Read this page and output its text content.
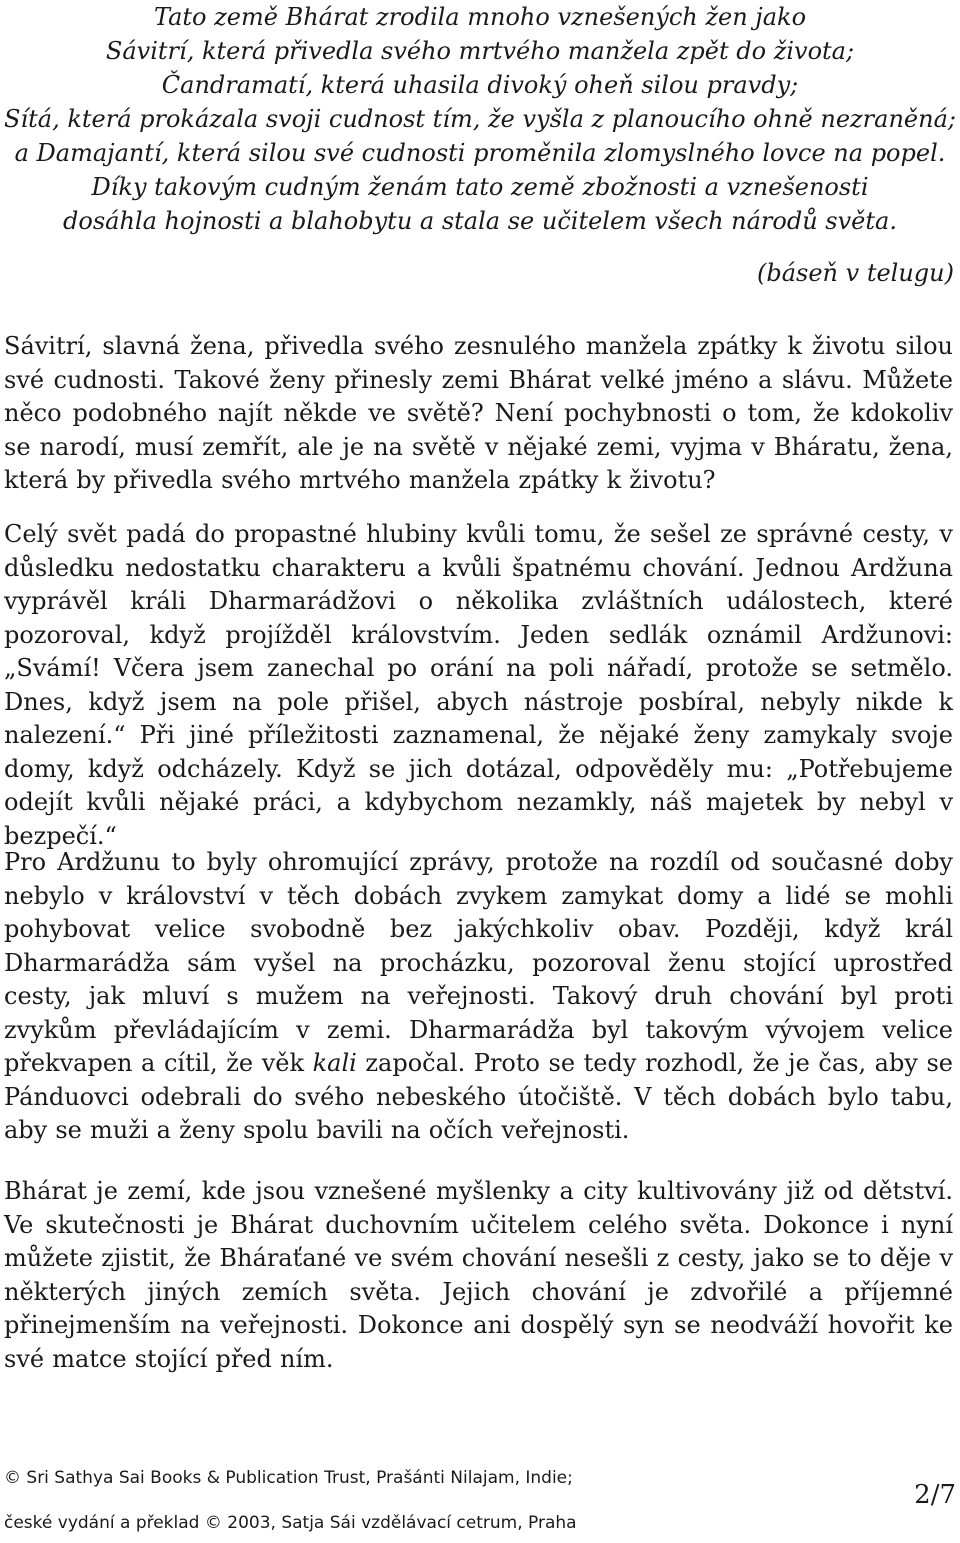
Tato země Bhárat zrodila mnoho vznešených žen jako
Sávitrí, která přivedla svého mrtvého manžela zpět do života;
Čandramatí, která uhasila divoký oheň silou pravdy;
Sítá, která prokázala svoji cudnost tím, že vyšla z planoucího ohně nezraněná;
a Damajantí, která silou své cudnosti proměnila zlomyslného lovce na popel.
Díky takovým cudným ženám tato země zbožnosti a vznešenosti
dosáhla hojnosti a blahobytu a stala se učitelem všech národů světa.
(báseň v telugu)

Sávitrí, slavná žena, přivedla svého zesnulého manžela zpátky k životu silou své cudnosti. Takové ženy přinesly zemi Bhárat velké jméno a slávu. Můžete něco podobného najít někde ve světě? Není pochybnosti o tom, že kdokoliv se narodí, musí zemřít, ale je na světě v nějaké zemi, vyjma v Bháratu, žena, která by přivedla svého mrtvého manžela zpátky k životu?

Celý svět padá do propastné hlubiny kvůli tomu, že sešel ze správné cesty, v důsledku nedostatku charakteru a kvůli špatnému chování. Jednou Ardžuna vyprávěl králi Dharmarádžovi o několika zvláštních událostech, které pozoroval, když projížděl královstvím. Jeden sedlák oznámil Ardžunovi: „Svámí! Včera jsem zanechal po orání na poli nářadí, protože se setmělo. Dnes, když jsem na pole přišel, abych nástroje posbíral, nebyly nikde k nalezení.“ Při jiné příležitosti zaznamenal, že nějaké ženy zamykaly svoje domy, když odcházely. Když se jich dotázal, odpověděly mu: „Potřebujeme odejít kvůli nějaké práci, a kdybychom nezamkly, náš majetek by nebyl v bezpečí.“

Pro Ardžunu to byly ohromující zprávy, protože na rozdíl od současné doby nebylo v království v těch dobách zvykem zamykat domy a lidé se mohli pohybovat velice svobodně bez jakýchkoliv obav. Později, když král Dharmarádža sám vyšel na procházku, pozoroval ženu stojící uprostřed cesty, jak mluví s mužem na veřejnosti. Takový druh chování byl proti zvykům převládajícím v zemi. Dharmarádža byl takovým vývojem velice překvapen a cítil, že věk kali započal. Proto se tedy rozhodl, že je čas, aby se Pánduovci odebrali do svého nebeského útočiště. V těch dobách bylo tabu, aby se muži a ženy spolu bavili na očích veřejnosti.

Bhárat je zemí, kde jsou vznešené myšlenky a city kultivovány již od dětství. Ve skutečnosti je Bhárat duchovním učitelem celého světa. Dokonce i nyní můžete zjistit, že Bháraťané ve svém chování nesešli z cesty, jako se to děje v některých jiných zemích světa. Jejich chování je zdvořilé a příjemné přinejmenším na veřejnosti. Dokonce ani dospělý syn se neodváží hovořit ke své matce stojící před ním.

© Sri Sathya Sai Books & Publication Trust, Prašánti Nilajam, Indie;
české vydání a překlad © 2003, Satja Sái vzdělávací cetrum, Praha
2/7
